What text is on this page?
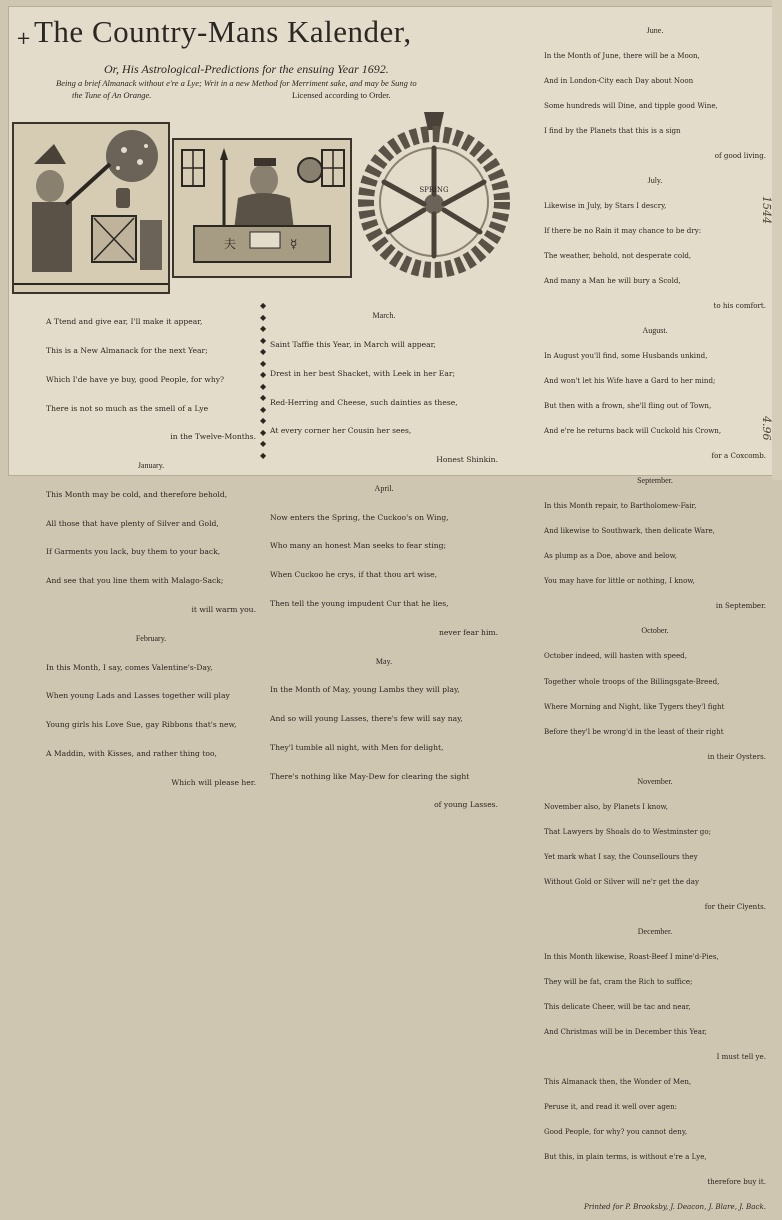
+ The Country-Mans Kalender,
Or, His Astrological-Predictions for the ensuing Year 1692.
Being a brief Almanack without e're a Lye; Writ in a new Method for Merriment sake, and may be Sung to
the Tune of An Orange.	Licensed according to Order.
夫	☿
SPRING

A Ttend and give ear, I'll make it appear,

This is a New Almanack for the next Year;

Which I'de have ye buy, good People, for why?

There is not so much as the smell of a Lye

in the Twelve-Months.

January.

This Month may be cold, and therefore behold,

All those that have plenty of Silver and Gold,

If Garments you lack, buy them to your back,

And see that you line them with Malago-Sack;

it will warm you.

February.

In this Month, I say, comes Valentine's-Day,

When young Lads and Lasses together will play

Young girls his Love Sue, gay Ribbons that's new,

A Maddin, with Kisses, and rather thing too,

Which will please her.

◆
◆
◆
◆
◆
◆
◆
◆
◆
◆
◆
◆
◆
◆

March.

Saint Taffie this Year, in March will appear,

Drest in her best Shacket, with Leek in her Ear;

Red-Herring and Cheese, such dainties as these,

At every corner her Cousin her sees,

Honest Shinkin.

April.

Now enters the Spring, the Cuckoo's on Wing,

Who many an honest Man seeks to fear sting;

When Cuckoo he crys, if that thou art wise,

Then tell the young impudent Cur that he lies,

never fear him.

May.

In the Month of May, young Lambs they will play,

And so will young Lasses, there's few will say nay,

They'l tumble all night, with Men for delight,

There's nothing like May-Dew for clearing the sight

of young Lasses.

June.

In the Month of June, there will be a Moon,

And in London-City each Day about Noon

Some hundreds will Dine, and tipple good Wine,

I find by the Planets that this is a sign

of good living.

July.

Likewise in July, by Stars I descry,

If there be no Rain it may chance to be dry:

The weather, behold, not desperate cold,

And many a Man he will bury a Scold,

to his comfort.

August.

In August you'll find, some Husbands unkind,

And won't let his Wife have a Gard to her mind;

But then with a frown, she'll fling out of Town,

And e're he returns back will Cuckold his Crown,

for a Coxcomb.

September.

In this Month repair, to Bartholomew-Fair,

And likewise to Southwark, then delicate Ware,

As plump as a Doe, above and below,

You may have for little or nothing, I know,

in September.

October.

October indeed, will hasten with speed,

Together whole troops of the Billingsgate-Breed,

Where Morning and Night, like Tygers they'l fight

Before they'l be wrong'd in the least of their right

in their Oysters.

November.

November also, by Planets I know,

That Lawyers by Shoals do to Westminster go;

Yet mark what I say, the Counsellours they

Without Gold or Silver will ne'r get the day

for their Clyents.

December.

In this Month likewise, Roast-Beef I mine'd-Pies,

They will be fat, cram the Rich to suffice;

This delicate Cheer, will be tac and near,

And Christmas will be in December this Year,

I must tell ye.

This Almanack then, the Wonder of Men,

Peruse it, and read it well over agen:

Good People, for why? you cannot deny,

But this, in plain terms, is without e're a Lye,

therefore buy it.

Printed for P. Brooksby, J. Deacon, J. Blare, J. Back.

1544
4.96
